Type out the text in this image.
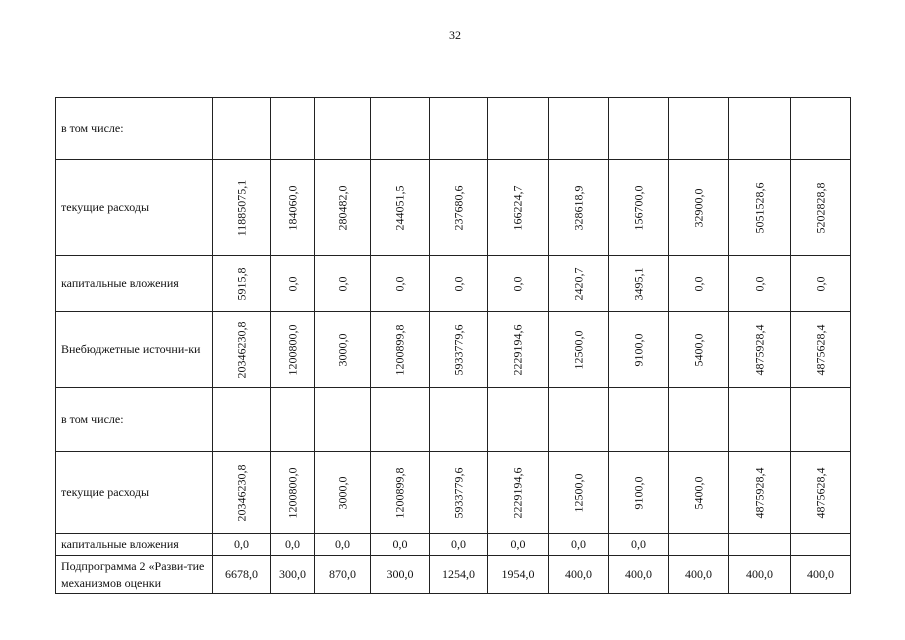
32
в том числе:	

текущие расходы	11885075,1	184060,0	280482,0	244051,5	237680,6	166224,7	328618,9	156700,0	32900,0	5051528,6	5202828,8

капитальные вложения	5915,8	0,0	0,0	0,0	0,0	0,0	2420,7	3495,1	0,0	0,0	0,0

Внебюджетные источни-ки	20346230,8	1200800,0	3000,0	1200899,8	5933779,6	2229194,6	12500,0	9100,0	5400,0	4875928,4	4875628,4

в том числе:	

текущие расходы	20346230,8	1200800,0	3000,0	1200899,8	5933779,6	2229194,6	12500,0	9100,0	5400,0	4875928,4	4875628,4

капитальные вложения	0,0	0,0	0,0	0,0	0,0	0,0	0,0	0,0			
Подпрограмма 2 «Разви-тие механизмов оценки	6678,0	300,0	870,0	300,0	1254,0	1954,0	400,0	400,0	400,0	400,0	400,0
